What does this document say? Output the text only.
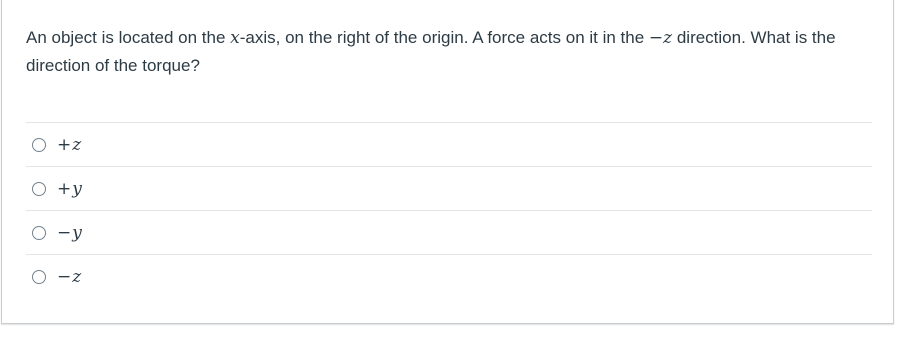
An object is located on the x-axis, on the right of the origin. A force acts on it in the −z direction. What is the direction of the torque?
+z
+y
−y
−z
